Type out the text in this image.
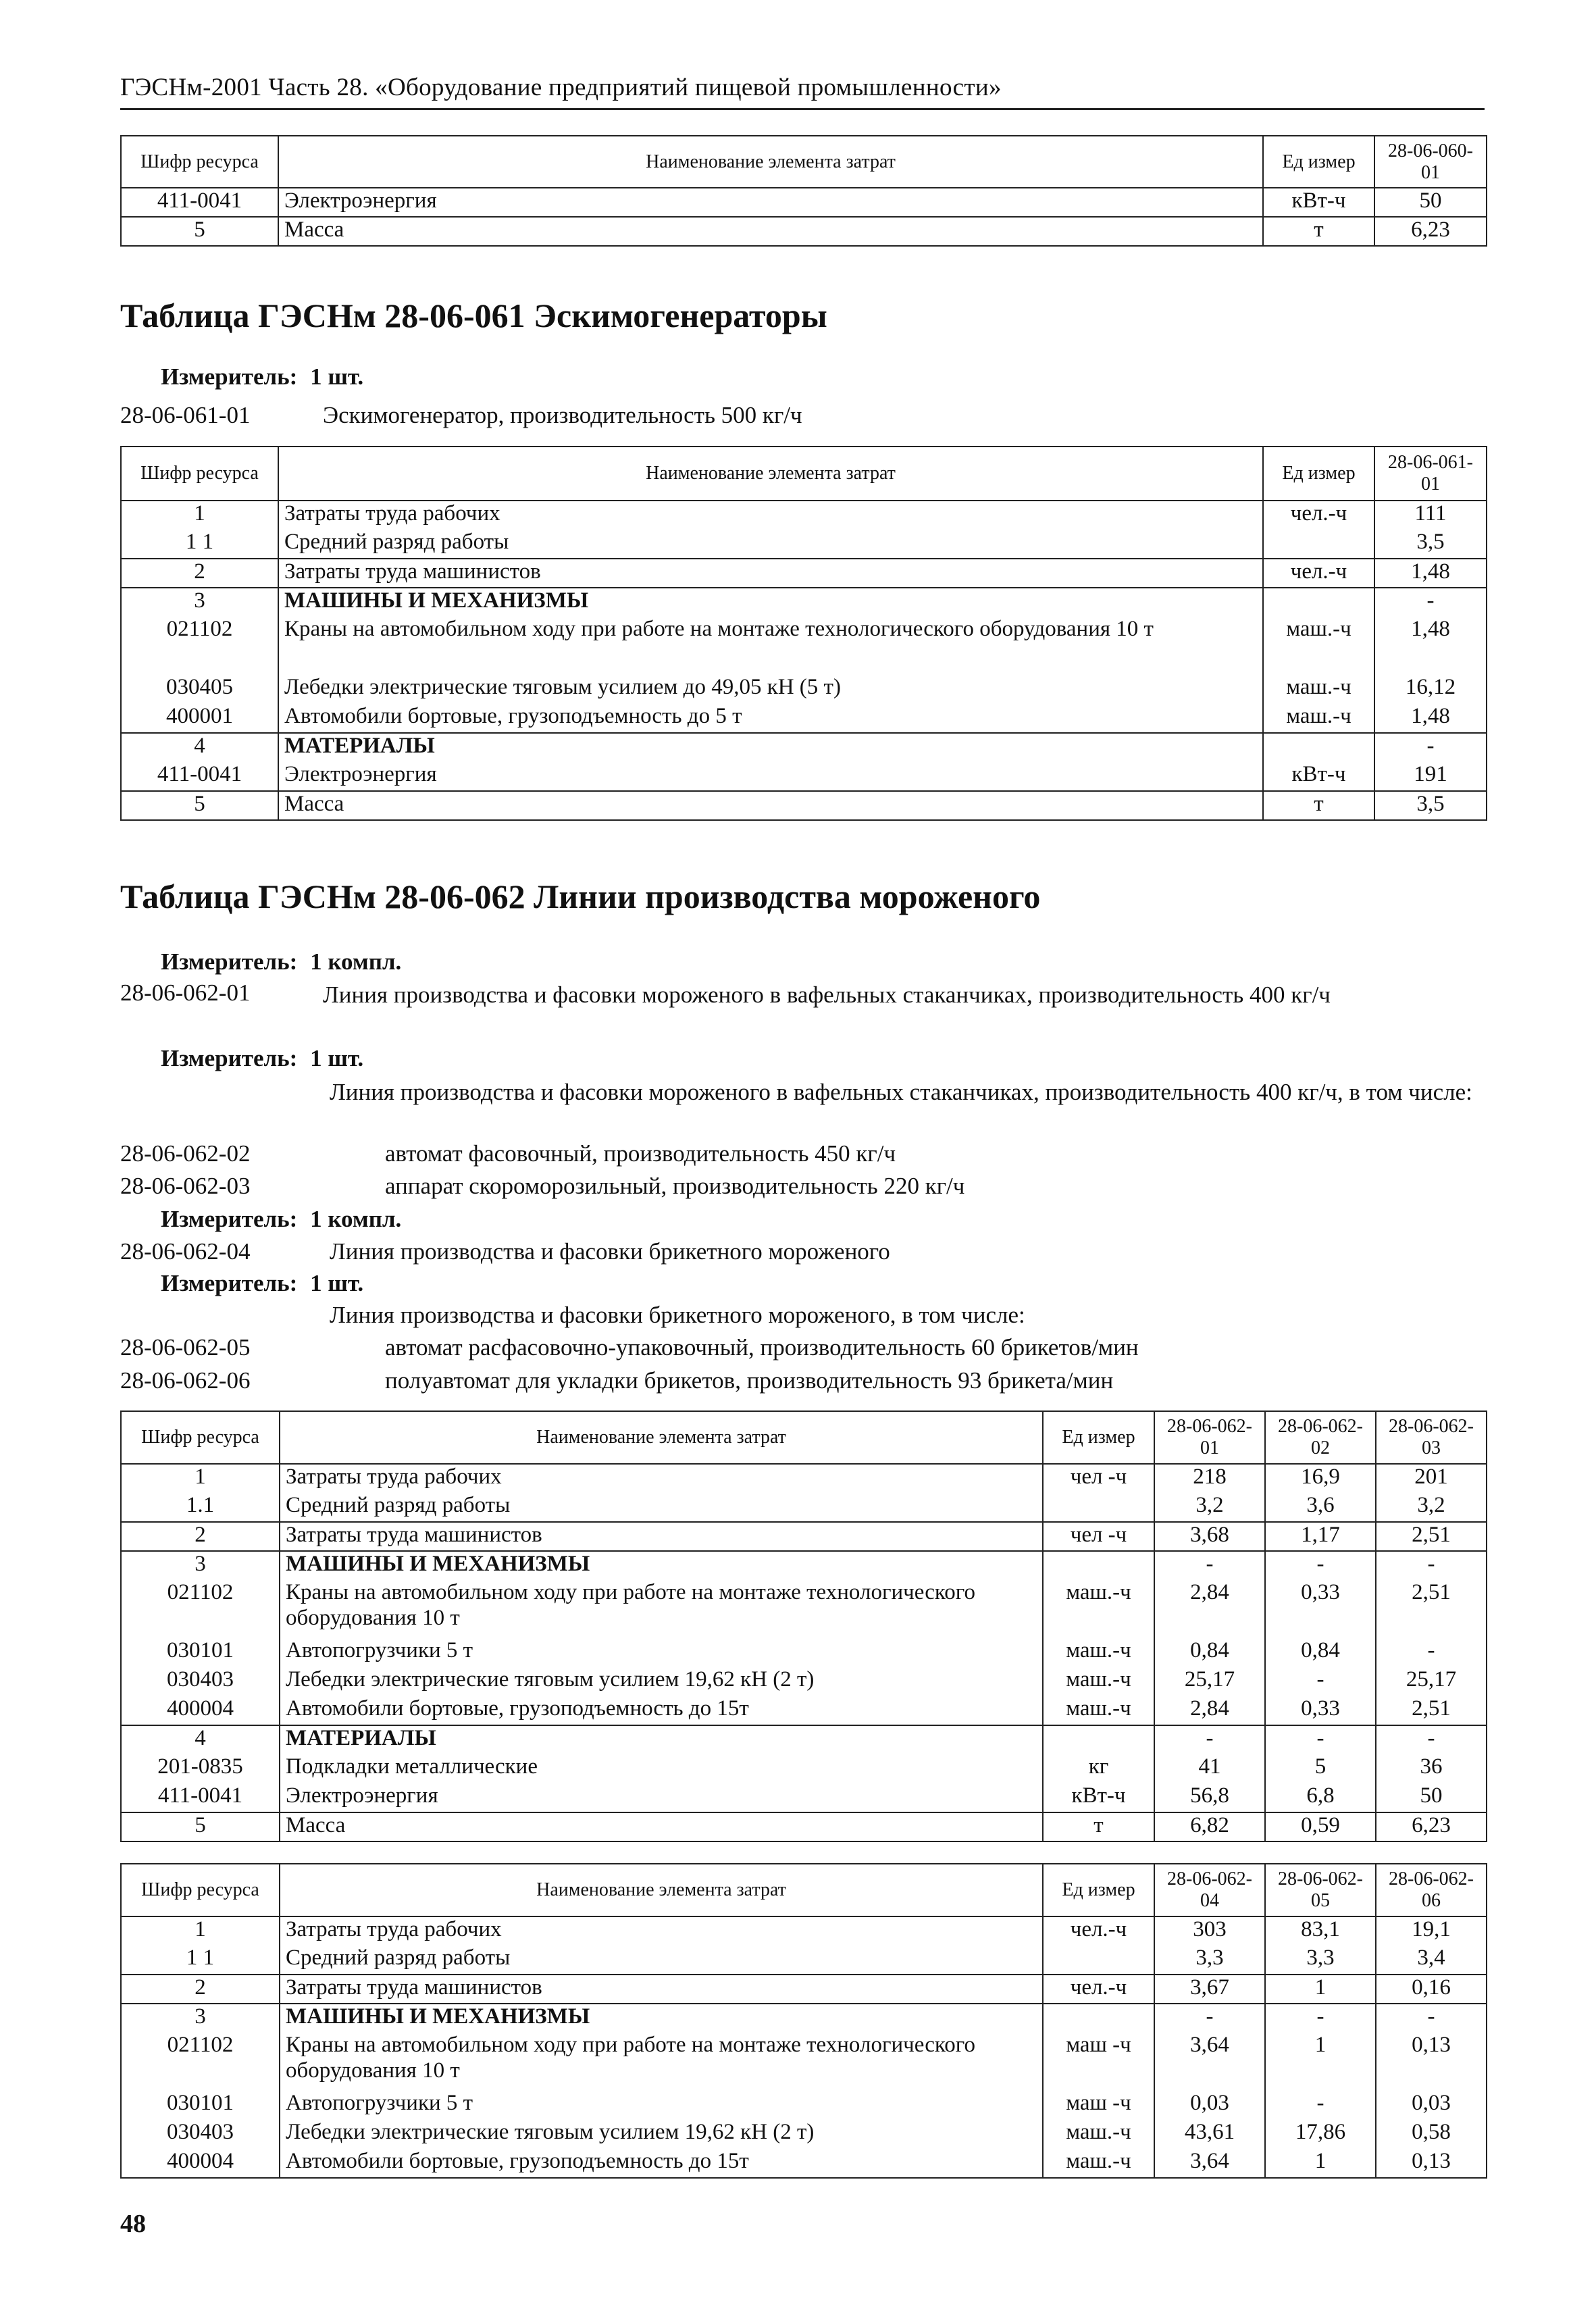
ГЭСНм-2001 Часть 28. «Оборудование предприятий пищевой промышленности»
Шифр ресурса	Наименование элемента затрат	Ед измер	28-06-060-01
411-0041	Электроэнергия	кВт-ч	50
5	Масса	т	6,23
Таблица ГЭСНм 28-06-061 Эскимогенераторы
Измеритель: 1 шт.
28-06-061-01	Эскимогенератор, производительность 500 кг/ч
Шифр ресурса	Наименование элемента затрат	Ед измер	28-06-061-01
1	Затраты труда рабочих	чел.-ч	111
1 1	Средний разряд работы		3,5
2	Затраты труда машинистов	чел.-ч	1,48
3	МАШИНЫ И МЕХАНИЗМЫ		-
021102	Краны на автомобильном ходу при работе на монтаже технологического оборудования 10 т	маш.-ч	1,48
030405	Лебедки электрические тяговым усилием до 49,05 кН (5 т)	маш.-ч	16,12
400001	Автомобили бортовые, грузоподъемность до 5 т	маш.-ч	1,48
4	МАТЕРИАЛЫ		-
411-0041	Электроэнергия	кВт-ч	191
5	Масса	т	3,5
Таблица ГЭСНм 28-06-062 Линии производства мороженого
Измеритель: 1 компл.
28-06-062-01	Линия производства и фасовки мороженого в вафельных стаканчиках, производительность 400 кг/ч
Измеритель: 1 шт.
Линия производства и фасовки мороженого в вафельных стаканчиках, производительность 400 кг/ч, в том числе:
28-06-062-02	автомат фасовочный, производительность 450 кг/ч
28-06-062-03	аппарат скороморозильный, производительность 220 кг/ч
Измеритель: 1 компл.
28-06-062-04	Линия производства и фасовки брикетного мороженого
Измеритель: 1 шт.
Линия производства и фасовки брикетного мороженого, в том числе:
28-06-062-05	автомат расфасовочно-упаковочный, производительность 60 брикетов/мин
28-06-062-06	полуавтомат для укладки брикетов, производительность 93 брикета/мин
Шифр ресурса	Наименование элемента затрат	Ед измер	28-06-062-01	28-06-062-02	28-06-062-03
1	Затраты труда рабочих	чел -ч	218	16,9	201
1.1	Средний разряд работы		3,2	3,6	3,2
2	Затраты труда машинистов	чел -ч	3,68	1,17	2,51
3	МАШИНЫ И МЕХАНИЗМЫ		-	-	-
021102	Краны на автомобильном ходу при работе на монтаже технологического оборудования 10 т	маш.-ч	2,84	0,33	2,51
030101	Автопогрузчики 5 т	маш.-ч	0,84	0,84	-
030403	Лебедки электрические тяговым усилием 19,62 кН (2 т)	маш.-ч	25,17	-	25,17
400004	Автомобили бортовые, грузоподъемность до 15т	маш.-ч	2,84	0,33	2,51
4	МАТЕРИАЛЫ		-	-	-
201-0835	Подкладки металлические	кг	41	5	36
411-0041	Электроэнергия	кВт-ч	56,8	6,8	50
5	Масса	т	6,82	0,59	6,23
Шифр ресурса	Наименование элемента затрат	Ед измер	28-06-062-04	28-06-062-05	28-06-062-06
1	Затраты труда рабочих	чел.-ч	303	83,1	19,1
1 1	Средний разряд работы		3,3	3,3	3,4
2	Затраты труда машинистов	чел.-ч	3,67	1	0,16
3	МАШИНЫ И МЕХАНИЗМЫ		-	-	-
021102	Краны на автомобильном ходу при работе на монтаже технологического оборудования 10 т	маш -ч	3,64	1	0,13
030101	Автопогрузчики 5 т	маш -ч	0,03	-	0,03
030403	Лебедки электрические тяговым усилием 19,62 кН (2 т)	маш.-ч	43,61	17,86	0,58
400004	Автомобили бортовые, грузоподъемность до 15т	маш.-ч	3,64	1	0,13
48
